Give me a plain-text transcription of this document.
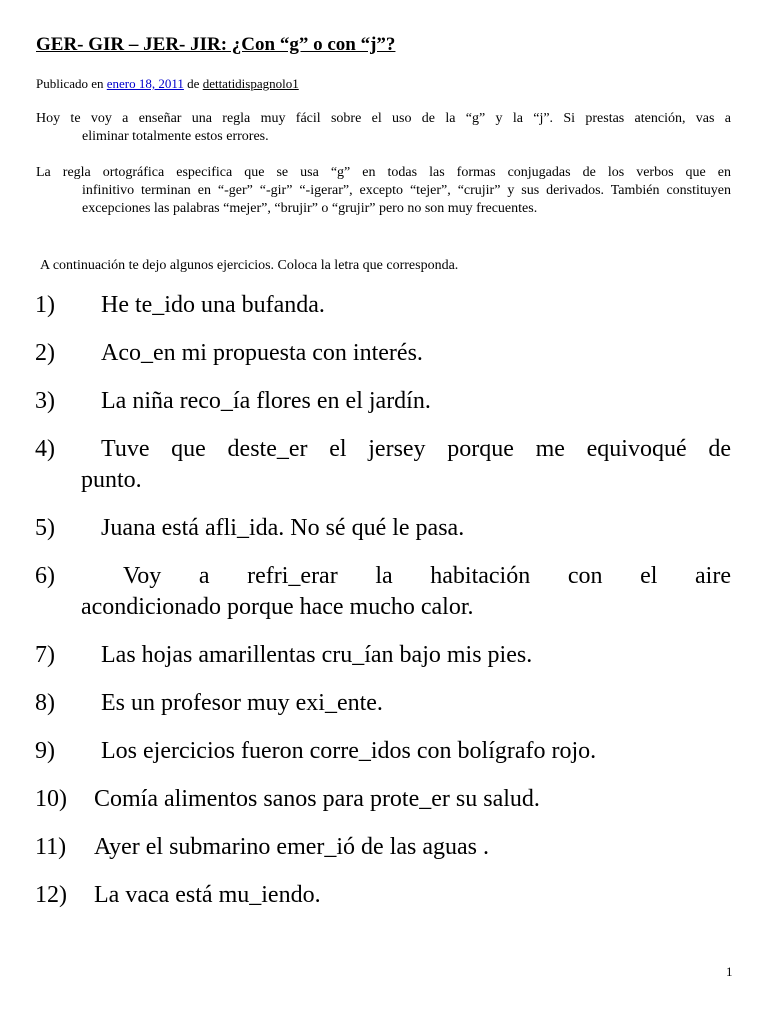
GER- GIR – JER- JIR: ¿Con “g” o con “j”?
Publicado en enero 18, 2011 de dettatidispagnolo1
Hoy te voy a enseñar una regla muy fácil sobre el uso de la “g” y la “j”. Si prestas atención, vas a
eliminar totalmente estos errores.
La regla ortográfica especifica que se usa “g” en todas las formas conjugadas de los verbos que en
infinitivo terminan en “-ger” “-gir” “-igerar”, excepto “tejer”, “crujir” y sus derivados. También constituyen excepciones las palabras “mejer”, “brujir” o “grujir” pero no son muy frecuentes.
A continuación te dejo algunos ejercicios. Coloca la letra que corresponda.
1)	He te_ido una bufanda.
2)	Aco_en mi propuesta con interés.
3)	La niña reco_ía flores en el jardín.
4) Tuve que deste_er el jersey porque me equivoqué de
punto.
5)	Juana está afli_ida. No sé qué le pasa.
6)	Voy a refri_erar la habitación con el aire
acondicionado porque hace mucho calor.
7)	Las hojas amarillentas cru_ían bajo mis pies.
8)	Es un profesor muy exi_ente.
9)	Los ejercicios fueron corre_idos con bolígrafo rojo.
10)	Comía alimentos sanos para prote_er su salud.
11)	Ayer el submarino emer_ió de las aguas .
12)	La vaca está mu_iendo.
1
